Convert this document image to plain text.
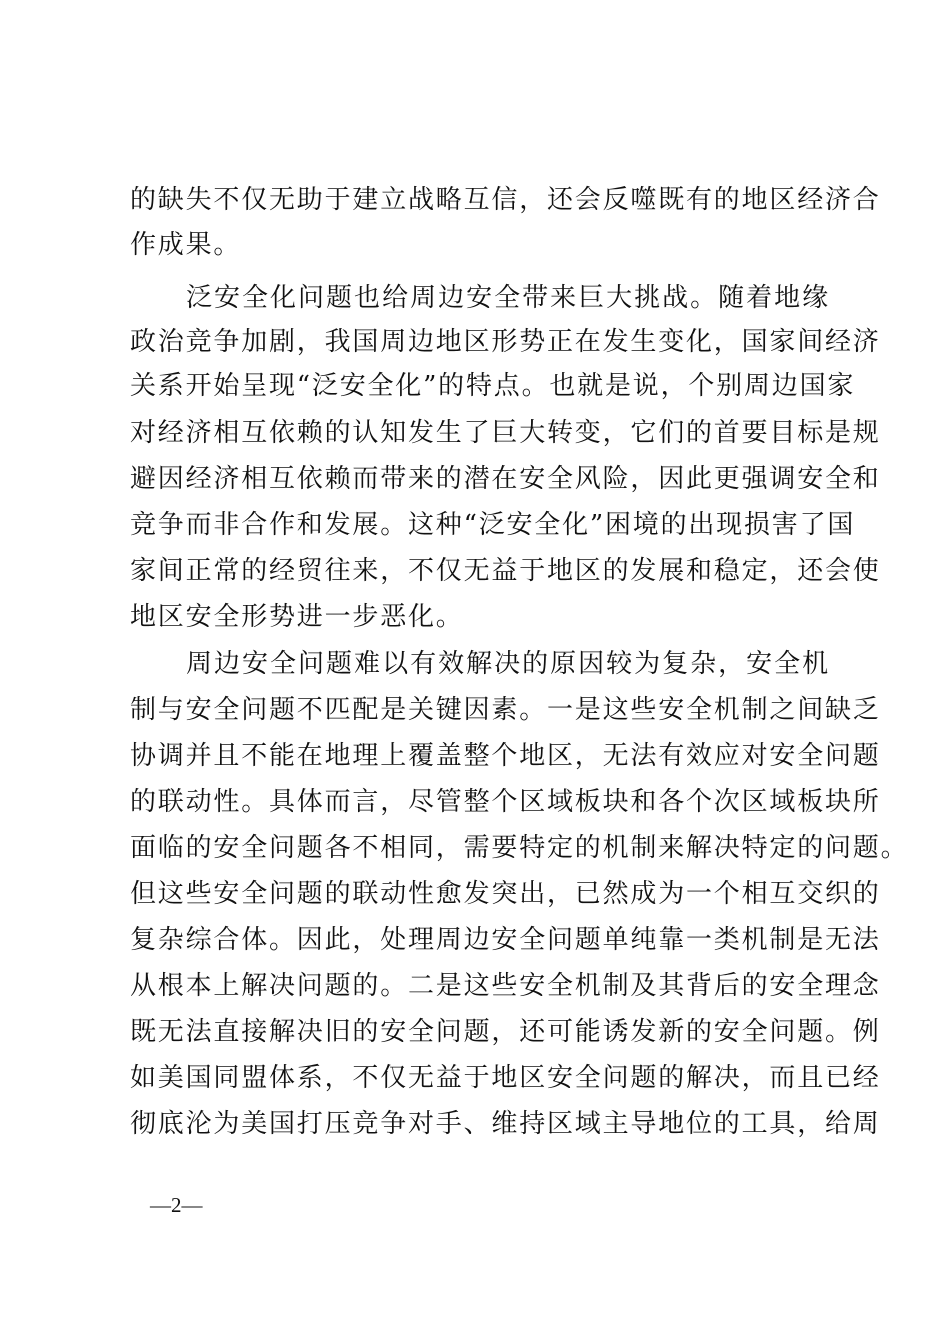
的缺失不仅无助于建立战略互信，还会反噬既有的地区经济合
作成果。
　　泛安全化问题也给周边安全带来巨大挑战。随着地缘
政治竞争加剧，我国周边地区形势正在发生变化，国家间经济
关系开始呈现“泛安全化”的特点。也就是说，个别周边国家
对经济相互依赖的认知发生了巨大转变，它们的首要目标是规
避因经济相互依赖而带来的潜在安全风险，因此更强调安全和
竞争而非合作和发展。这种“泛安全化”困境的出现损害了国
家间正常的经贸往来，不仅无益于地区的发展和稳定，还会使
地区安全形势进一步恶化。
　　周边安全问题难以有效解决的原因较为复杂，安全机
制与安全问题不匹配是关键因素。一是这些安全机制之间缺乏
协调并且不能在地理上覆盖整个地区，无法有效应对安全问题
的联动性。具体而言，尽管整个区域板块和各个次区域板块所
面临的安全问题各不相同，需要特定的机制来解决特定的问题。
但这些安全问题的联动性愈发突出，已然成为一个相互交织的
复杂综合体。因此，处理周边安全问题单纯靠一类机制是无法
从根本上解决问题的。二是这些安全机制及其背后的安全理念
既无法直接解决旧的安全问题，还可能诱发新的安全问题。例
如美国同盟体系，不仅无益于地区安全问题的解决，而且已经
彻底沦为美国打压竞争对手、维持区域主导地位的工具，给周
—2—
